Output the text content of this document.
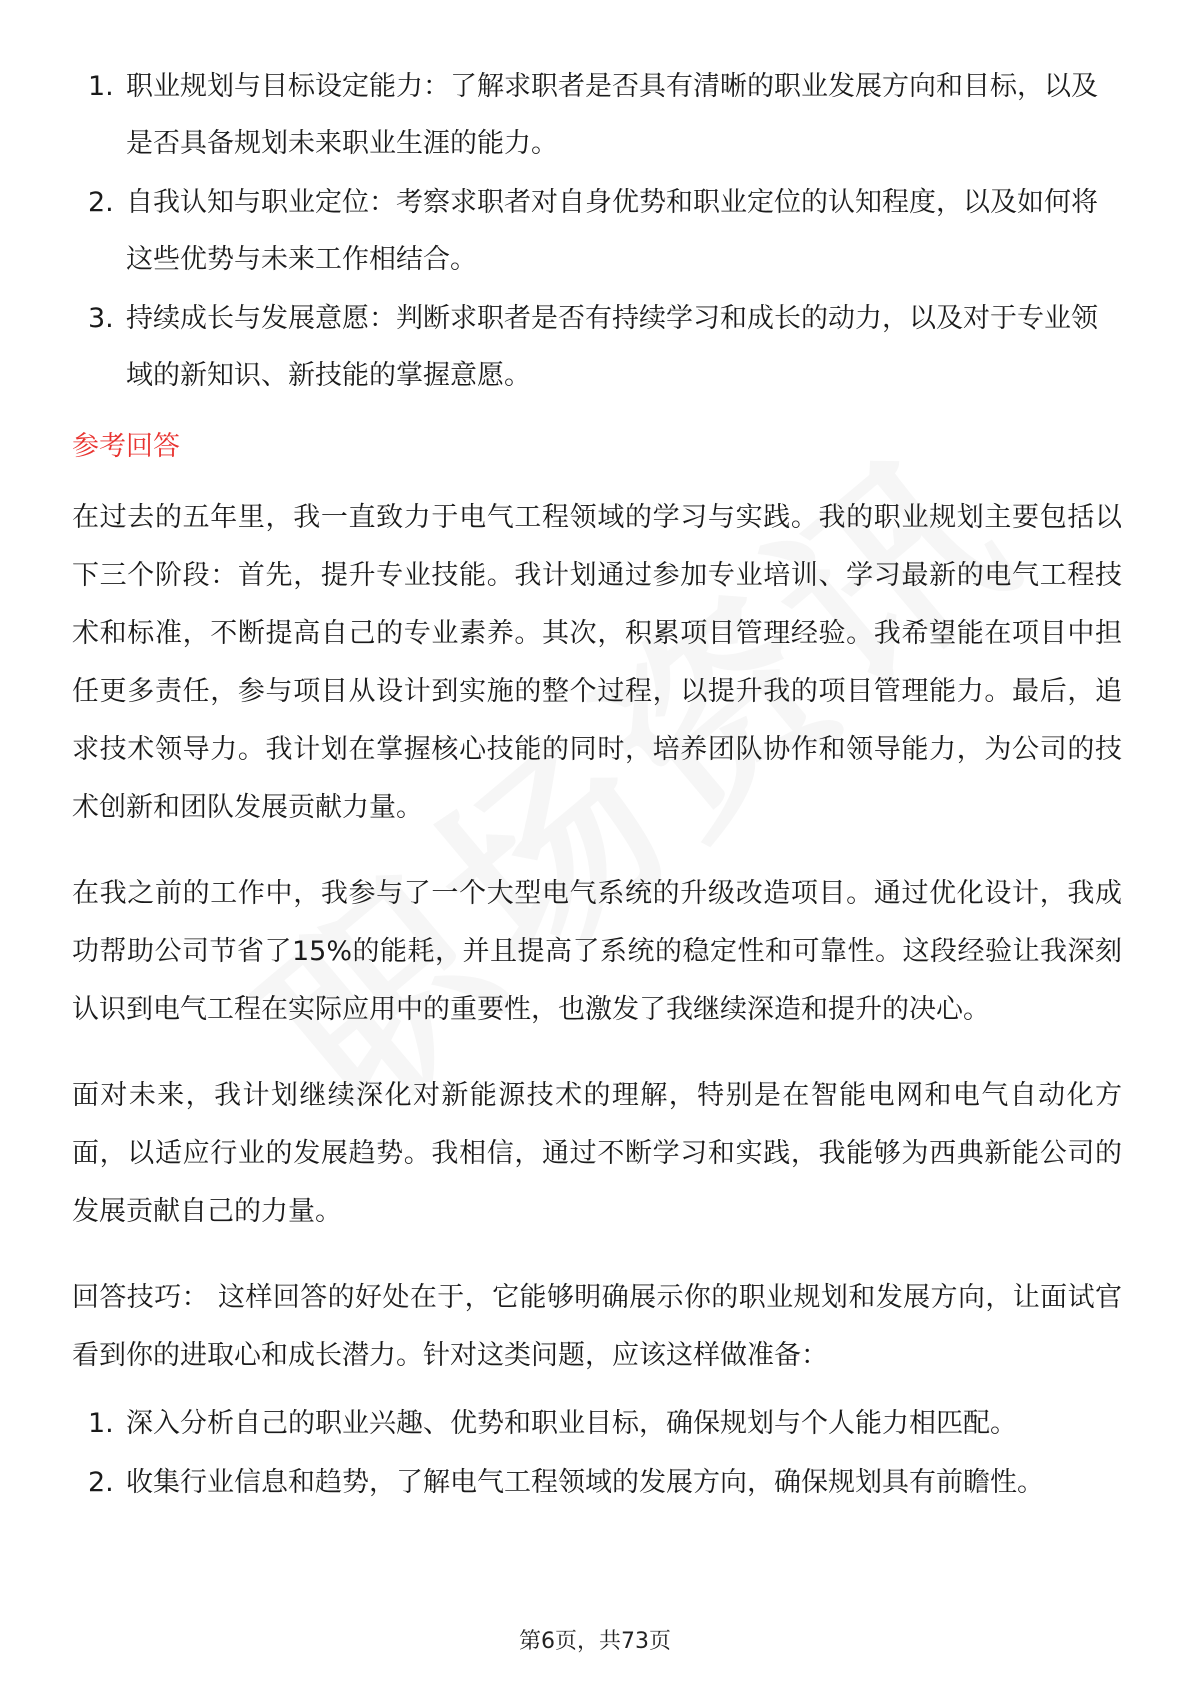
1. 职业规划与目标设定能力：了解求职者是否具有清晰的职业发展方向和目标，以及是否具备规划未来职业生涯的能力。
2. 自我认知与职业定位：考察求职者对自身优势和职业定位的认知程度，以及如何将这些优势与未来工作相结合。
3. 持续成长与发展意愿：判断求职者是否有持续学习和成长的动力，以及对于专业领域的新知识、新技能的掌握意愿。
参考回答

在过去的五年里，我一直致力于电气工程领域的学习与实践。我的职业规划主要包括以下三个阶段：首先，提升专业技能。我计划通过参加专业培训、学习最新的电气工程技术和标准，不断提高自己的专业素养。其次，积累项目管理经验。我希望能在项目中担任更多责任，参与项目从设计到实施的整个过程，以提升我的项目管理能力。最后，追求技术领导力。我计划在掌握核心技能的同时，培养团队协作和领导能力，为公司的技术创新和团队发展贡献力量。

在我之前的工作中，我参与了一个大型电气系统的升级改造项目。通过优化设计，我成功帮助公司节省了15%的能耗，并且提高了系统的稳定性和可靠性。这段经验让我深刻认识到电气工程在实际应用中的重要性，也激发了我继续深造和提升的决心。

面对未来，我计划继续深化对新能源技术的理解，特别是在智能电网和电气自动化方面，以适应行业的发展趋势。我相信，通过不断学习和实践，我能够为西典新能公司的发展贡献自己的力量。

回答技巧： 这样回答的好处在于，它能够明确展示你的职业规划和发展方向，让面试官看到你的进取心和成长潜力。针对这类问题，应该这样做准备：

1. 深入分析自己的职业兴趣、优势和职业目标，确保规划与个人能力相匹配。
2. 收集行业信息和趋势，了解电气工程领域的发展方向，确保规划具有前瞻性。
第6页，共73页
